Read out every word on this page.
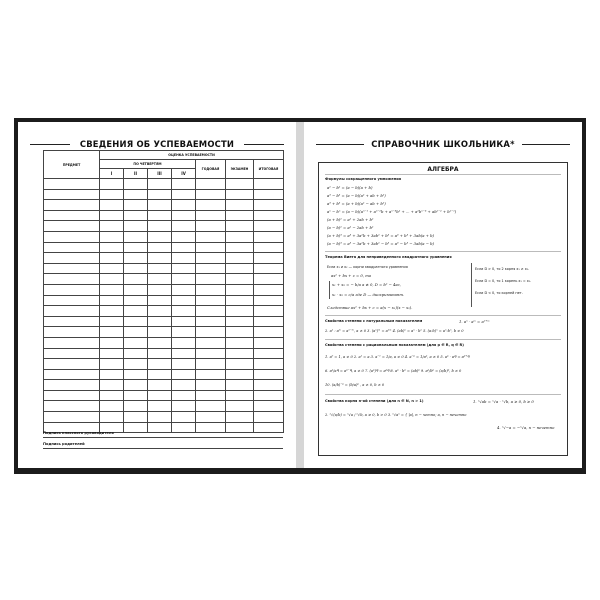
СВЕДЕНИЯ ОБ УСПЕВАЕМОСТИ
ПРЕДМЕТ	ОЦЕНКА УСПЕВАЕМОСТИ						
	ПО ЧЕТВЕРТЯМ				ГОДОВАЯ	ЭКЗАМЕН	ИТОГОВАЯ
	I	II	III	IV			

Подпись классного руководителя
Подпись родителей
СПРАВОЧНИК ШКОЛЬНИКА*
АЛГЕБРА
Формулы сокращенного умножения
a² − b² = (a − b)(a + b)
a³ − b³ = (a − b)(a² + ab + b²)
a³ + b³ = (a + b)(a² − ab + b²)
aⁿ − bⁿ = (a − b)(aⁿ⁻¹ + aⁿ⁻²b + aⁿ⁻³b² + ... + a²bⁿ⁻³ + abⁿ⁻² + bⁿ⁻¹)
(a + b)² = a² + 2ab + b²
(a − b)² = a² − 2ab + b²
(a + b)³ = a³ + 3a²b + 3ab² + b³ = a³ + b³ + 3ab(a + b)
(a − b)³ = a³ − 3a²b + 3ab² − b³ = a³ − b³ − 3ab(a − b)
Теорема Виета для неприведенного квадратного уравнения
Если x₁ и x₂ — корни квадратного уравнения
ax² + bx + c = 0, то
x₁ + x₂ = − b/a a ≠ 0, D = b² − 4ac,
x₁ · x₂ = c/a где D — дискриминант.
Следствие ax² + bx + c = a(x − x₁)(x − x₂).
Если D > 0, то 2 корня x₁ ≠ x₂.
Если D = 0, то 1 корень x₁ = x₂.
Если D < 0, то корней нет.
Свойства степени с натуральным показателем	1. aⁿ · aᵐ = aⁿ⁺ᵐ
2. aⁿ : aᵐ = aⁿ⁻ᵐ, a ≠ 0 3. (aⁿ)ᵐ = aⁿᵐ 4. (ab)ⁿ = aⁿ · bⁿ 5. (a:b)ⁿ = aⁿ:bⁿ, b ≠ 0
Свойства степени с рациональным показателем (для p ∈ R, q ∈ R)
1. a⁰ = 1, a ≠ 0 2. a¹ = a 3. a⁻¹ = 1/a, a ≠ 0 4. a⁻ᵖ = 1/aᵖ, a ≠ 0 5. aᵖ · aᑫ = aᵖ⁺ᑫ
6. aᵖ/aᑫ = aᵖ⁻ᑫ, a ≠ 0 7. (aᵖ)ᑫ = aᵖᑫ 8. aᵖ · bᵖ = (ab)ᵖ 9. aᵖ/bᵖ = (a/b)ᵖ, b ≠ 0
10. (a/b)⁻ᵖ = (b/a)ᵖ , a ≠ 0, b ≠ 0
Свойства корня n-ой степени (для n ∈ N, n > 1)	1. ⁿ√ab = ⁿ√a · ⁿ√b, a ≥ 0, b ≥ 0
2. ⁿ√(a/b) = ⁿ√a / ⁿ√b, a ≥ 0, b > 0 3. ⁿ√aⁿ = { |a|, n − четно; a, n − нечетно
4. ⁿ√−a = −ⁿ√a, n − нечетно
